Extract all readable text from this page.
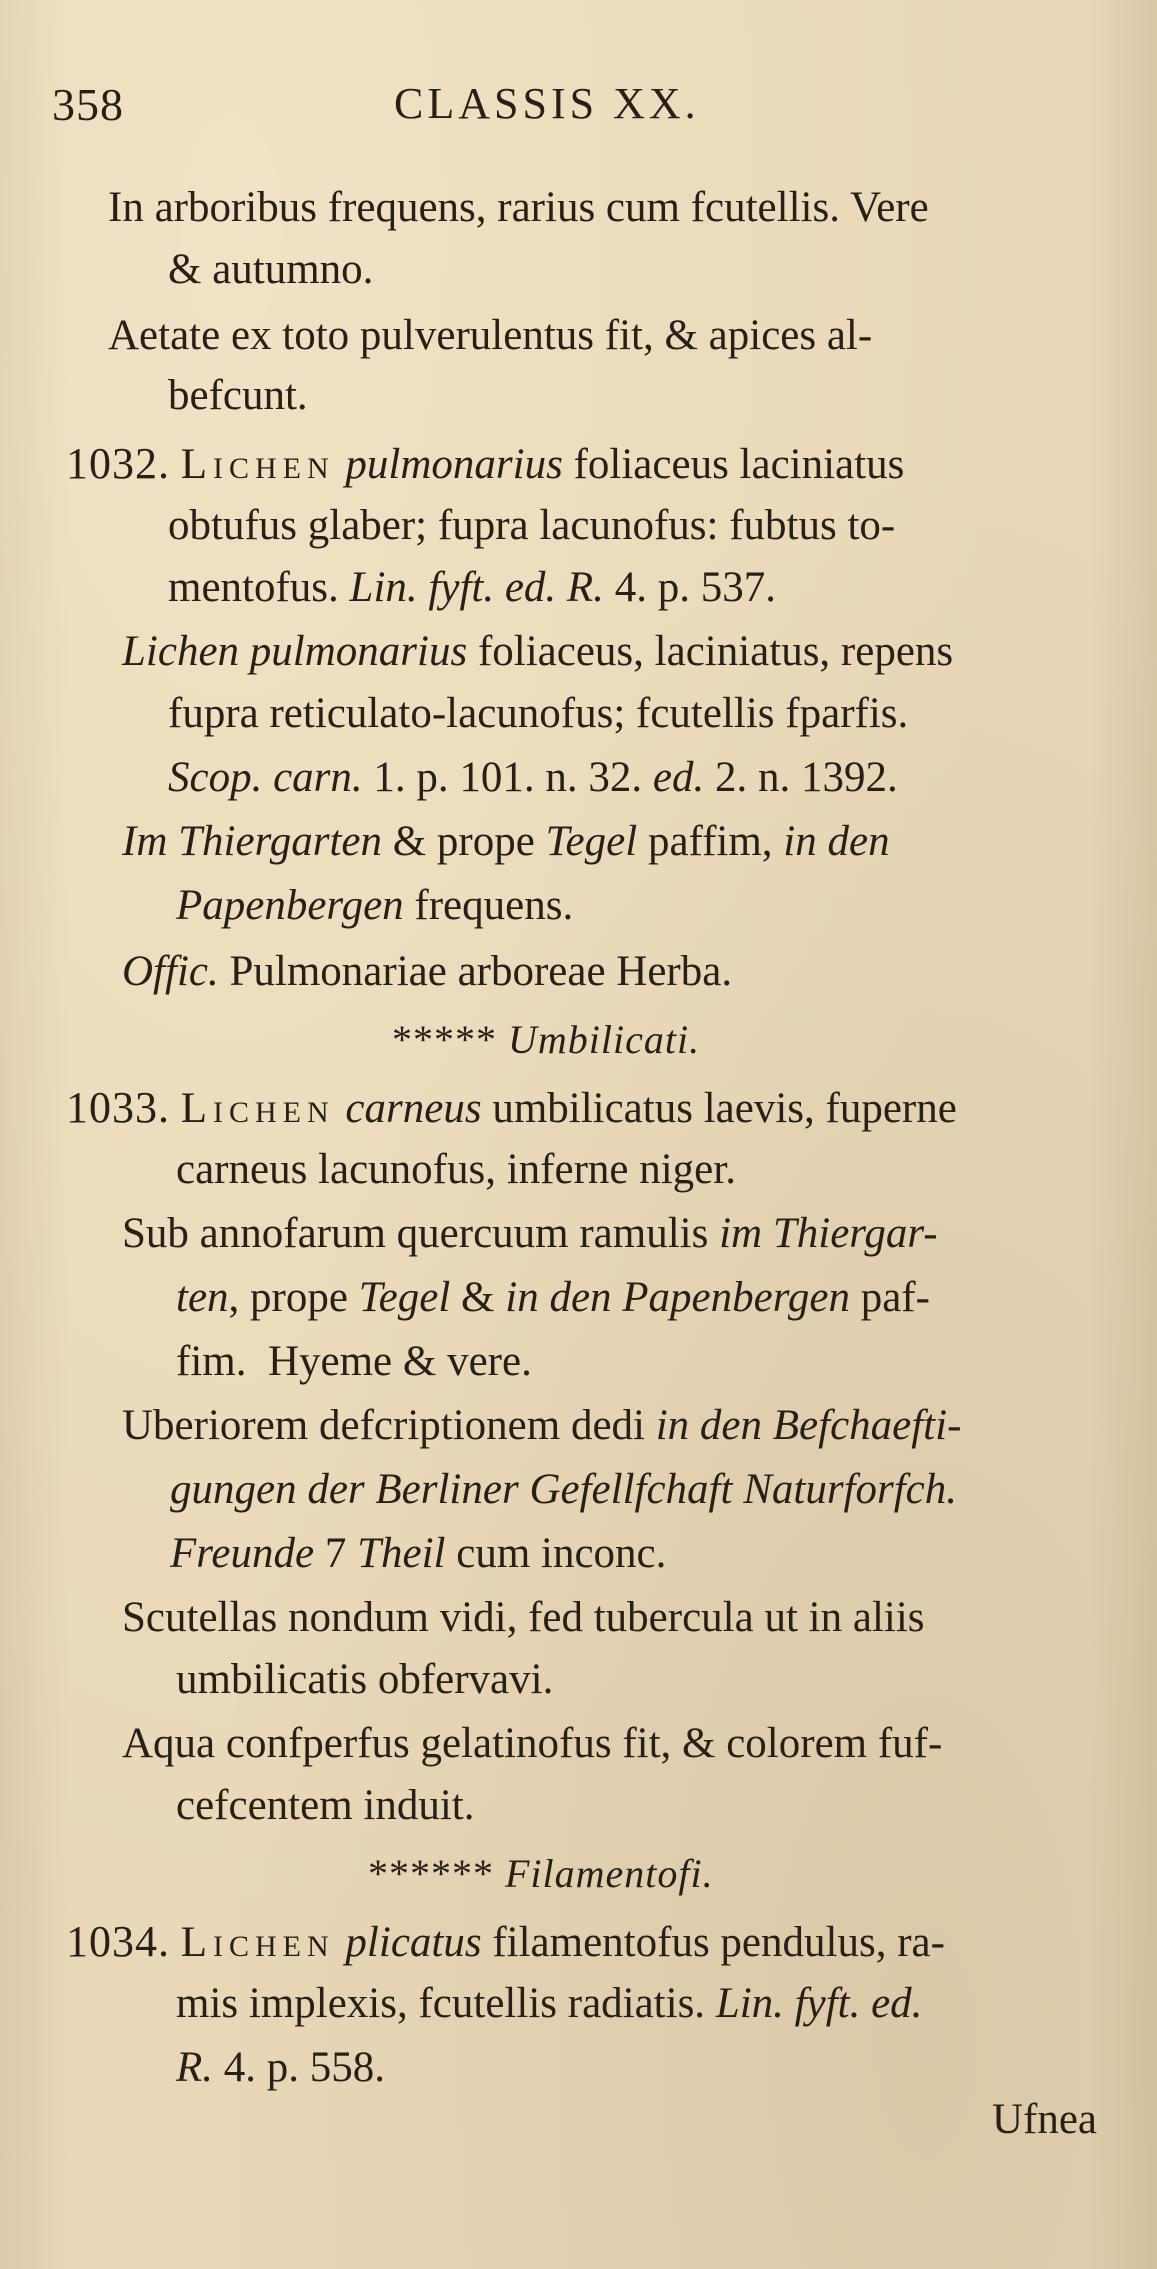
358	CLASSIS XX.
In arboribus frequens, rarius cum fcutellis. Vere
& autumno.
Aetate ex toto pulverulentus fit, & apices al-
befcunt.
1032. Lichen pulmonarius foliaceus laciniatus
obtufus glaber; fupra lacunofus: fubtus to-
mentofus. Lin. fyft. ed. R. 4. p. 537.
Lichen pulmonarius foliaceus, laciniatus, repens
fupra reticulato-lacunofus; fcutellis fparfis.
Scop. carn. 1. p. 101. n. 32. ed. 2. n. 1392.
Im Thiergarten & prope Tegel paffim, in den
Papenbergen frequens.
Offic. Pulmonariae arboreae Herba.
***** Umbilicati.
1033. Lichen carneus umbilicatus laevis, fuperne
carneus lacunofus, inferne niger.
Sub annofarum quercuum ramulis im Thiergar-
ten, prope Tegel & in den Papenbergen paf-
fim.  Hyeme & vere.
Uberiorem defcriptionem dedi in den Befchaefti-
gungen der Berliner Gefellfchaft Naturforfch.
Freunde 7 Theil cum inconc.
Scutellas nondum vidi, fed tubercula ut in aliis
umbilicatis obfervavi.
Aqua confperfus gelatinofus fit, & colorem fuf-
cefcentem induit.
****** Filamentofi.
1034. Lichen plicatus filamentofus pendulus, ra-
mis implexis, fcutellis radiatis. Lin. fyft. ed.
R. 4. p. 558.
Ufnea
